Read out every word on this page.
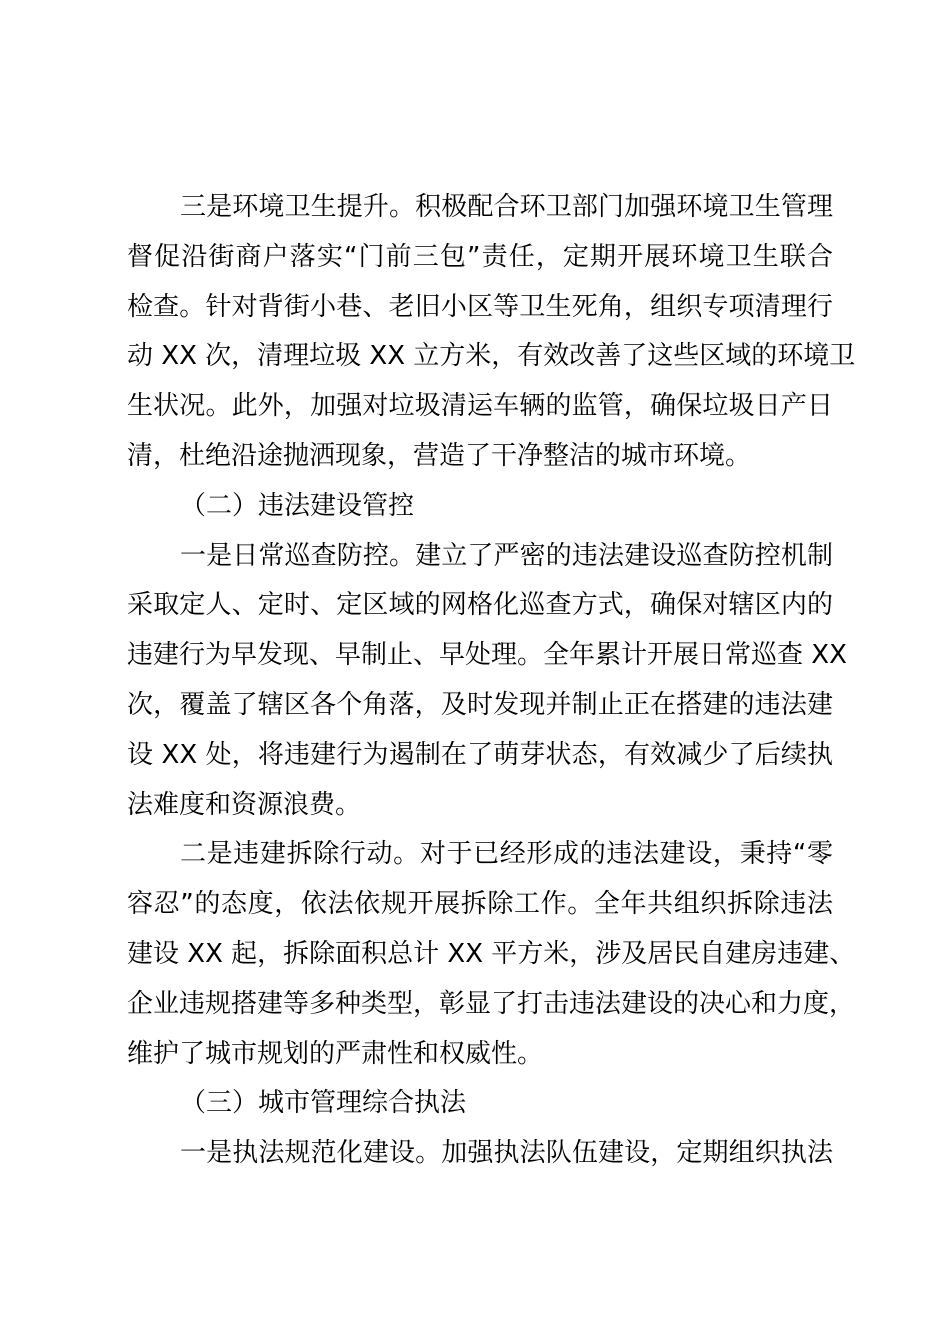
三是环境卫生提升。积极配合环卫部门加强环境卫生管理
督促沿街商户落实“门前三包”责任，定期开展环境卫生联合
检查。针对背街小巷、老旧小区等卫生死角，组织专项清理行
动 XX 次，清理垃圾 XX 立方米，有效改善了这些区域的环境卫
生状况。此外，加强对垃圾清运车辆的监管，确保垃圾日产日
清，杜绝沿途抛洒现象，营造了干净整洁的城市环境。
（二）违法建设管控
一是日常巡查防控。建立了严密的违法建设巡查防控机制
采取定人、定时、定区域的网格化巡查方式，确保对辖区内的
违建行为早发现、早制止、早处理。全年累计开展日常巡查 XX
次，覆盖了辖区各个角落，及时发现并制止正在搭建的违法建
设 XX 处，将违建行为遏制在了萌芽状态，有效减少了后续执
法难度和资源浪费。
二是违建拆除行动。对于已经形成的违法建设，秉持“零
容忍”的态度，依法依规开展拆除工作。全年共组织拆除违法
建设 XX 起，拆除面积总计 XX 平方米，涉及居民自建房违建、
企业违规搭建等多种类型，彰显了打击违法建设的决心和力度，
维护了城市规划的严肃性和权威性。
（三）城市管理综合执法
一是执法规范化建设。加强执法队伍建设，定期组织执法
